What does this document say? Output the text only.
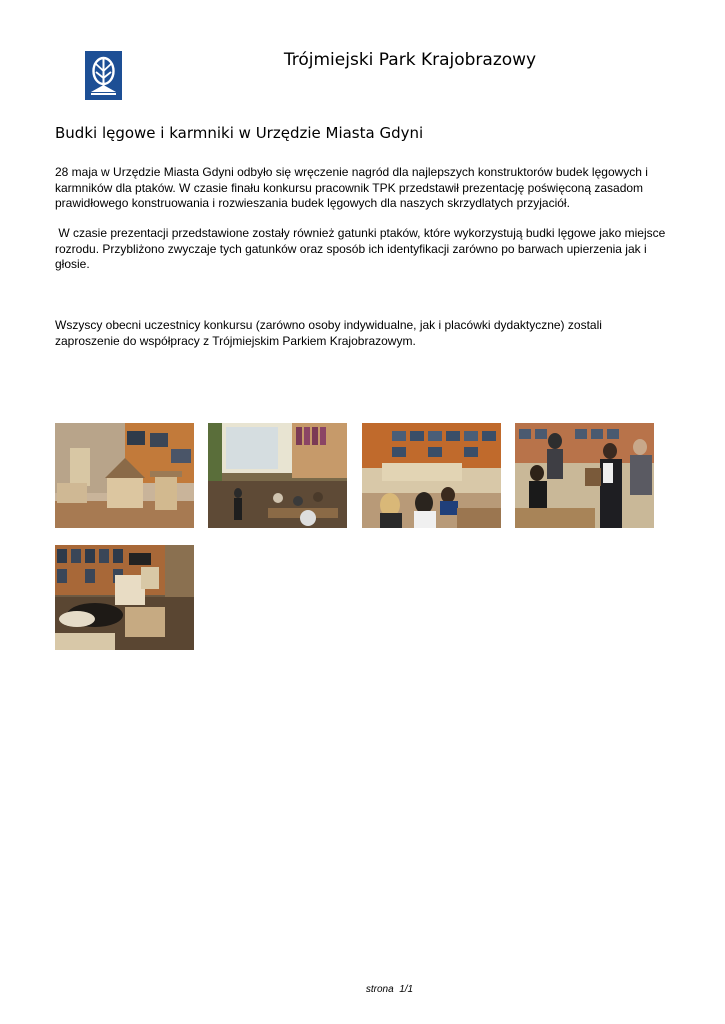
Trójmiejski Park Krajobrazowy
Budki lęgowe i karmniki w Urzędzie Miasta Gdyni
28 maja w Urzędzie Miasta Gdyni odbyło się wręczenie nagród dla najlepszych konstruktorów budek lęgowych i karmników dla ptaków. W czasie finału konkursu pracownik TPK przedstawił prezentację poświęconą zasadom prawidłowego konstruowania i rozwieszania budek lęgowych dla naszych skrzydlatych przyjaciół.
W czasie prezentacji przedstawione zostały również gatunki ptaków, które wykorzystują budki lęgowe jako miejsce rozrodu. Przybliżono zwyczaje tych gatunków oraz sposób ich identyfikacji zarówno po barwach upierzenia jak i głosie.
Wszyscy obecni uczestnicy konkursu (zarówno osoby indywidualne, jak i placówki dydaktyczne) zostali zaproszenie do współpracy z Trójmiejskim Parkiem Krajobrazowym.
strona 1/1
